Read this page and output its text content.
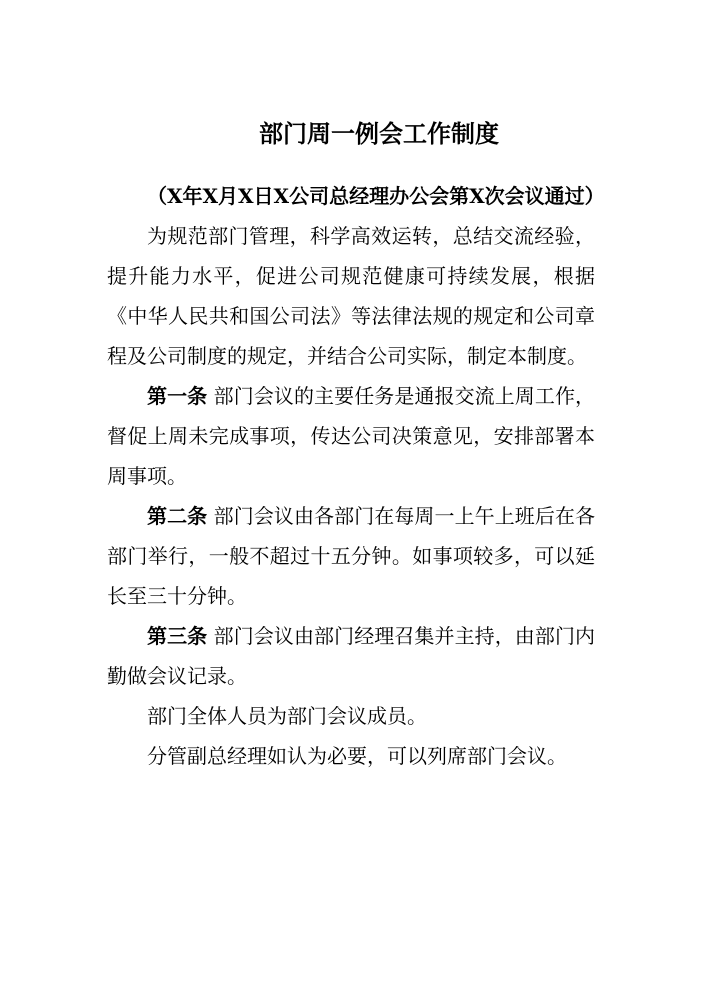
部门周一例会工作制度
（X年X月X日X公司总经理办公会第X次会议通过）

为规范部门管理，科学高效运转，总结交流经验，提升能力水平，促进公司规范健康可持续发展，根据《中华人民共和国公司法》等法律法规的规定和公司章程及公司制度的规定，并结合公司实际，制定本制度。

第一条 部门会议的主要任务是通报交流上周工作，督促上周未完成事项，传达公司决策意见，安排部署本周事项。

第二条 部门会议由各部门在每周一上午上班后在各部门举行，一般不超过十五分钟。如事项较多，可以延长至三十分钟。

第三条 部门会议由部门经理召集并主持，由部门内勤做会议记录。

部门全体人员为部门会议成员。

分管副总经理如认为必要，可以列席部门会议。
